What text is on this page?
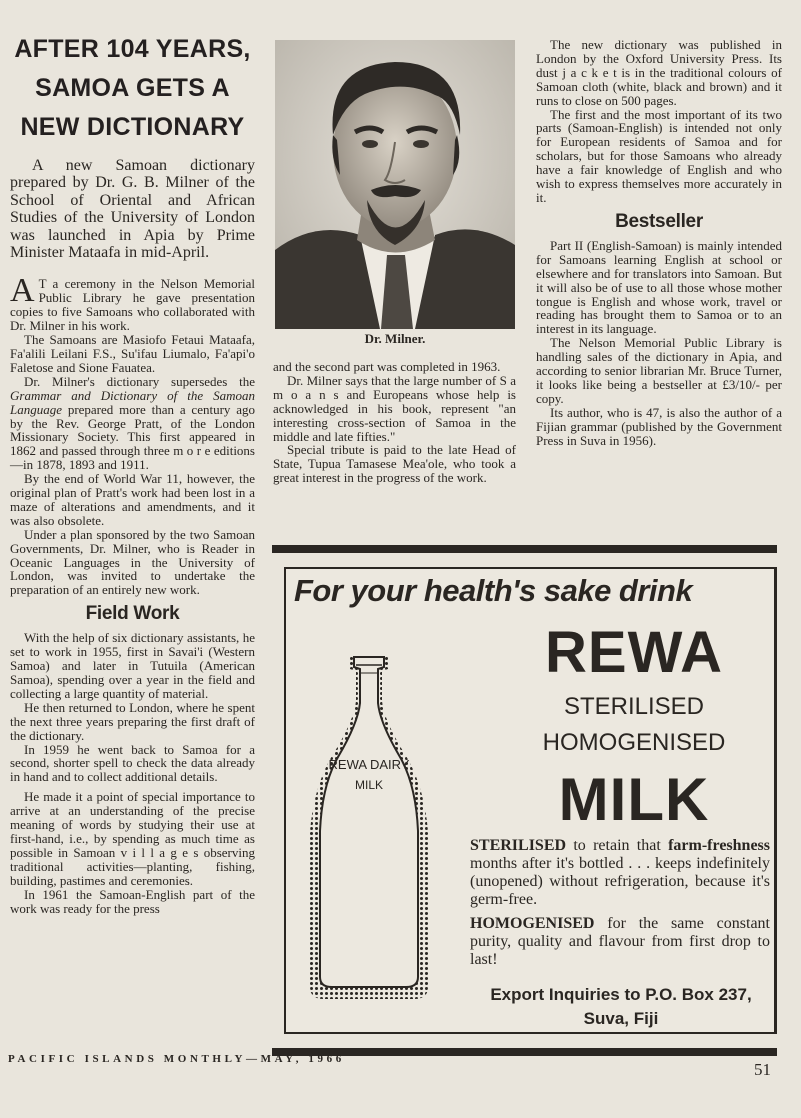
AFTER 104 YEARS,
SAMOA GETS A
NEW DICTIONARY

A new Samoan dictionary prepared by Dr. G. B. Milner of the School of Oriental and African Studies of the University of London was launched in Apia by Prime Minister Mataafa in mid-April.

A T a ceremony in the Nelson Memorial Public Library he gave presentation copies to five Samoans who collaborated with Dr. Milner in his work.

The Samoans are Masiofo Fetaui Mataafa, Fa'alili Leilani F.S., Su'ifau Liumalo, Fa'api'o Faletose and Sione Fauatea.

Dr. Milner's dictionary supersedes the Grammar and Dictionary of the Samoan Language prepared more than a century ago by the Rev. George Pratt, of the London Missionary Society. This first appeared in 1862 and passed through three m o r e editions—in 1878, 1893 and 1911.

By the end of World War 11, however, the original plan of Pratt's work had been lost in a maze of alterations and amendments, and it was also obsolete.

Under a plan sponsored by the two Samoan Governments, Dr. Milner, who is Reader in Oceanic Languages in the University of London, was invited to undertake the preparation of an entirely new work.

Field Work

With the help of six dictionary assistants, he set to work in 1955, first in Savai'i (Western Samoa) and later in Tutuila (American Samoa), spending over a year in the field and collecting a large quantity of material.

He then returned to London, where he spent the next three years preparing the first draft of the dictionary.

In 1959 he went back to Samoa for a second, shorter spell to check the data already in hand and to collect additional details.

He made it a point of special importance to arrive at an understanding of the precise meaning of words by studying their use at first-hand, i.e., by spending as much time as possible in Samoan v i l l a g e s observing traditional activities—planting, fishing, building, pastimes and ceremonies.

In 1961 the Samoan-English part of the work was ready for the press

Dr. Milner.

and the second part was completed in 1963.

Dr. Milner says that the large number of S a m o a n s and Europeans whose help is acknowledged in his book, represent "an interesting cross-section of Samoa in the middle and late fifties."

Special tribute is paid to the late Head of State, Tupua Tamasese Mea'ole, who took a great interest in the progress of the work.

The new dictionary was published in London by the Oxford University Press. Its dust j a c k e t is in the traditional colours of Samoan cloth (white, black and brown) and it runs to close on 500 pages.

The first and the most important of its two parts (Samoan-English) is intended not only for European residents of Samoa and for scholars, but for those Samoans who already have a fair knowledge of English and who wish to express themselves more accurately in it.

Bestseller

Part II (English-Samoan) is mainly intended for Samoans learning English at school or elsewhere and for translators into Samoan. But it will also be of use to all those whose mother tongue is English and whose work, travel or reading has brought them to Samoa or to an interest in its language.

The Nelson Memorial Public Library is handling sales of the dictionary in Apia, and according to senior librarian Mr. Bruce Turner, it looks like being a bestseller at £3/10/- per copy.

Its author, who is 47, is also the author of a Fijian grammar (published by the Government Press in Suva in 1956).

For your health's sake drink
REWA DAIRY
MILK
REWA
STERILISED
HOMOGENISED
MILK
STERILISED to retain that farm-freshness months after it's bottled . . . keeps indefinitely (unopened) without refrigeration, because it's germ-free.
HOMOGENISED for the same constant purity, quality and flavour from first drop to last!
Export Inquiries to P.O. Box 237,
Suva, Fiji
PACIFIC ISLANDS MONTHLY—MAY, 1966
51
